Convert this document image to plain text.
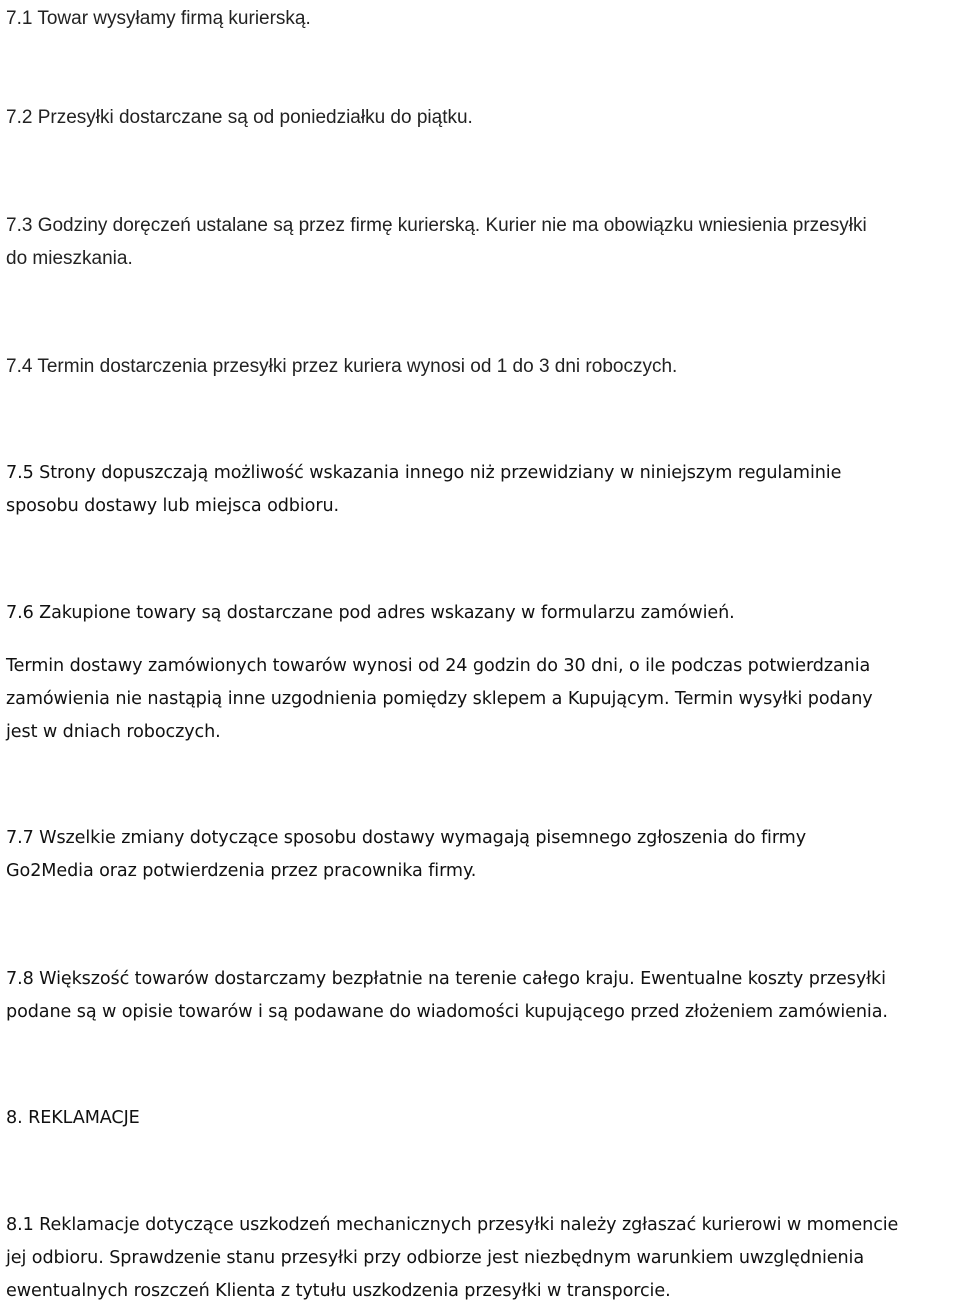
7.1 Towar wysyłamy firmą kurierską.

7.2 Przesyłki dostarczane są od poniedziałku do piątku.

7.3 Godziny doręczeń ustalane są przez firmę kurierską. Kurier nie ma obowiązku wniesienia przesyłki
do mieszkania.

7.4 Termin dostarczenia przesyłki przez kuriera wynosi od 1 do 3 dni roboczych.

7.5 Strony dopuszczają możliwość wskazania innego niż przewidziany w niniejszym regulaminie
sposobu dostawy lub miejsca odbioru.

7.6 Zakupione towary są dostarczane pod adres wskazany w formularzu zamówień.

Termin dostawy zamówionych towarów wynosi od 24 godzin do 30 dni, o ile podczas potwierdzania
zamówienia nie nastąpią inne uzgodnienia pomiędzy sklepem a Kupującym. Termin wysyłki podany
jest w dniach roboczych.

7.7 Wszelkie zmiany dotyczące sposobu dostawy wymagają pisemnego zgłoszenia do firmy
Go2Media oraz potwierdzenia przez pracownika firmy.

7.8 Większość towarów dostarczamy bezpłatnie na terenie całego kraju. Ewentualne koszty przesyłki
podane są w opisie towarów i są podawane do wiadomości kupującego przed złożeniem zamówienia.

8. REKLAMACJE

8.1 Reklamacje dotyczące uszkodzeń mechanicznych przesyłki należy zgłaszać kurierowi w momencie
jej odbioru. Sprawdzenie stanu przesyłki przy odbiorze jest niezbędnym warunkiem uwzględnienia
ewentualnych roszczeń Klienta z tytułu uszkodzenia przesyłki w transporcie.
